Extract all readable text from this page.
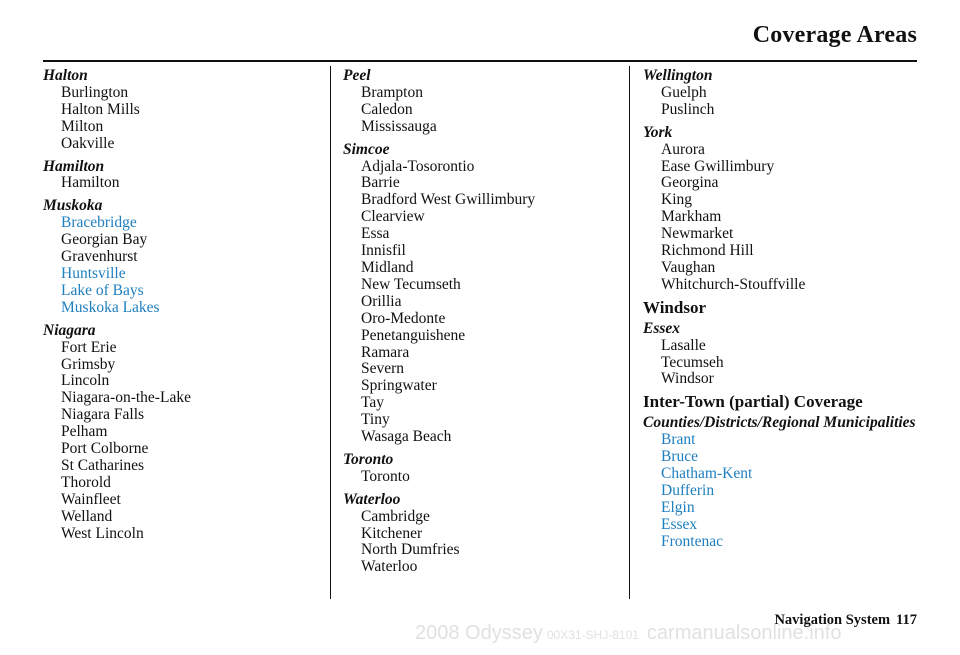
Coverage Areas
Halton
Burlington
Halton Mills
Milton
Oakville
Hamilton
Hamilton
Muskoka
Bracebridge
Georgian Bay
Gravenhurst
Huntsville
Lake of Bays
Muskoka Lakes
Niagara
Fort Erie
Grimsby
Lincoln
Niagara-on-the-Lake
Niagara Falls
Pelham
Port Colborne
St Catharines
Thorold
Wainfleet
Welland
West Lincoln
Peel
Brampton
Caledon
Mississauga
Simcoe
Adjala-Tosorontio
Barrie
Bradford West Gwillimbury
Clearview
Essa
Innisfil
Midland
New Tecumseth
Orillia
Oro-Medonte
Penetanguishene
Ramara
Severn
Springwater
Tay
Tiny
Wasaga Beach
Toronto
Toronto
Waterloo
Cambridge
Kitchener
North Dumfries
Waterloo
Wellington
Guelph
Puslinch
York
Aurora
Ease Gwillimbury
Georgina
King
Markham
Newmarket
Richmond Hill
Vaughan
Whitchurch-Stouffville
Windsor
Essex
Lasalle
Tecumseh
Windsor
Inter-Town (partial) Coverage
Counties/Districts/Regional Municipalities
Brant
Bruce
Chatham-Kent
Dufferin
Elgin
Essex
Frontenac
Navigation System 117
2008 Odyssey 00X31-SHJ-8101 carmanualsonline.info
